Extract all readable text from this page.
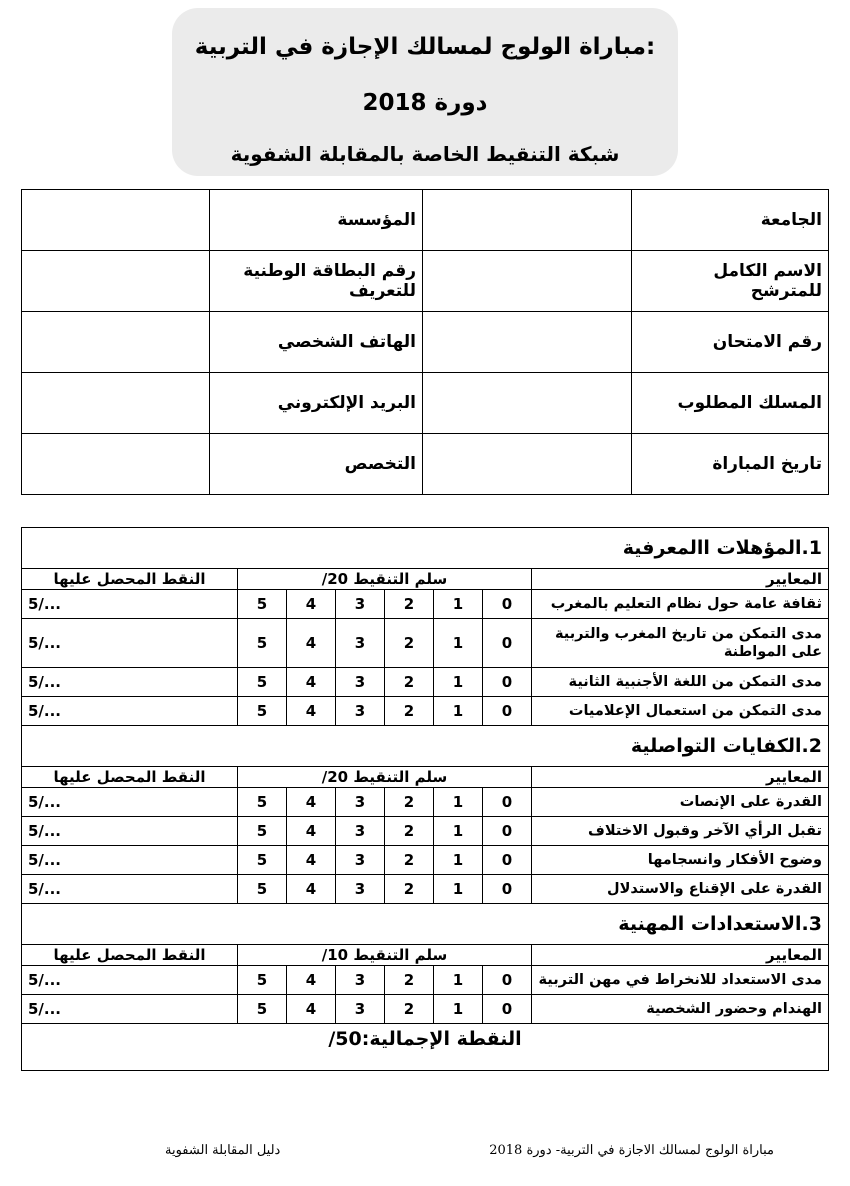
مباراة الولوج لمسالك الإجازة في التربية:
دورة 2018
شبكة التنقيط الخاصة بالمقابلة الشفوية
الجامعة		المؤسسة	
الاسم الكامل للمترشح		رقم البطاقة الوطنية للتعريف	
رقم الامتحان		الهاتف الشخصي	
المسلك المطلوب		البريد الإلكتروني	
تاريخ المباراة		التخصص	
1.المؤهلات االمعرفية							
المعايير	سلم التنقيط 20/						النقط المحصل عليها
ثقافة عامة حول نظام التعليم بالمغرب	0	1	2	3	4	5	5/...
مدى التمكن من تاريخ المغرب والتربية على المواطنة	0	1	2	3	4	5	5/...
مدى التمكن من اللغة الأجنبية الثانية	0	1	2	3	4	5	5/...
مدى التمكن من استعمال الإعلاميات	0	1	2	3	4	5	5/...
2.الكفايات التواصلية							
المعايير	سلم التنقيط 20/						النقط المحصل عليها
القدرة على الإنصات	0	1	2	3	4	5	5/...
تقبل الرأي الآخر وقبول الاختلاف	0	1	2	3	4	5	5/...
وضوح الأفكار وانسجامها	0	1	2	3	4	5	5/...
القدرة على الإقناع والاستدلال	0	1	2	3	4	5	5/...
3.الاستعدادات المهنية							
المعايير	سلم التنقيط 10/						النقط المحصل عليها
مدى الاستعداد للانخراط في مهن التربية	0	1	2	3	4	5	5/...
الهندام وحضور الشخصية	0	1	2	3	4	5	5/...
النقطة الإجمالية:50/							
مباراة الولوج لمسالك الاجازة في التربية- دورة 2018
دليل المقابلة الشفوية
